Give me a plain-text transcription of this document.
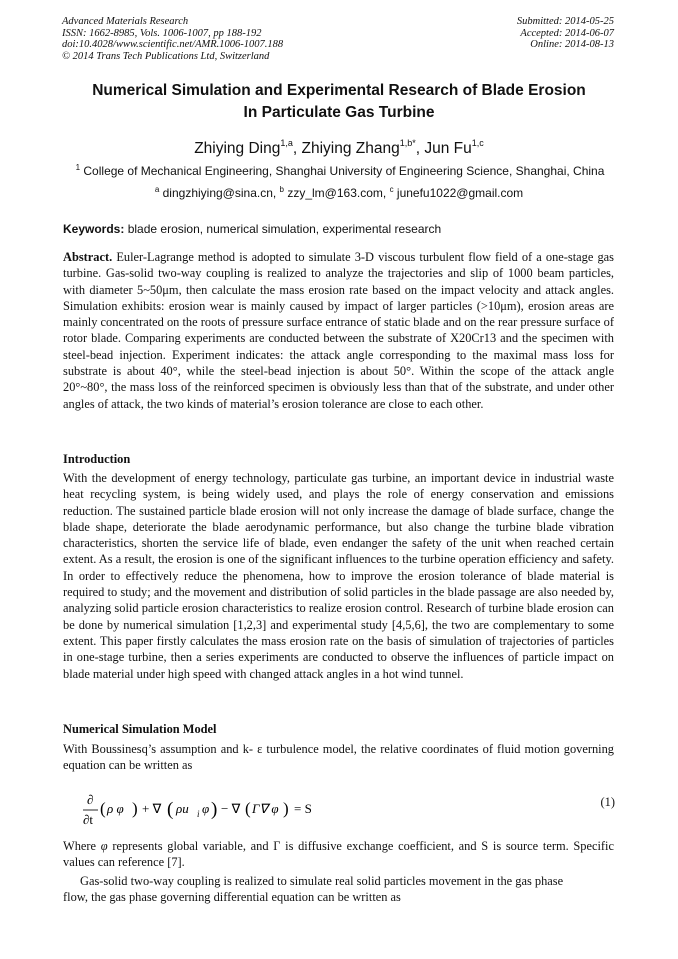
Advanced Materials Research
ISSN: 1662-8985, Vols. 1006-1007, pp 188-192
doi:10.4028/www.scientific.net/AMR.1006-1007.188
© 2014 Trans Tech Publications Ltd, Switzerland
Submitted: 2014-05-25
Accepted: 2014-06-07
Online: 2014-08-13
Numerical Simulation and Experimental Research of Blade Erosion
In Particulate Gas Turbine
Zhiying Ding$^{1,a}$, Zhiying Zhang$^{1,b*}$, Jun Fu$^{1,c}$
$^1$ College of Mechanical Engineering, Shanghai University of Engineering Science, Shanghai, China
$^a$ dingzhiying@sina.cn, $^b$ zzy_lm@163.com, $^c$ junefu1022@gmail.com
Keywords: blade erosion, numerical simulation, experimental research
Abstract. Euler-Lagrange method is adopted to simulate 3-D viscous turbulent flow field of a one-stage gas turbine. Gas-solid two-way coupling is realized to analyze the trajectories and slip of 1000 beam particles, with diameter 5~50μm, then calculate the mass erosion rate based on the impact velocity and attack angles. Simulation exhibits: erosion wear is mainly caused by impact of larger particles (>10μm), erosion areas are mainly concentrated on the roots of pressure surface entrance of static blade and on the rear pressure surface of rotor blade. Comparing experiments are conducted between the substrate of X20Cr13 and the specimen with steel-bead injection. Experiment indicates: the attack angle corresponding to the maximal mass loss for substrate is about 40°, while the steel-bead injection is about 50°. Within the scope of the attack angle 20°~80°, the mass loss of the reinforced specimen is obviously less than that of the substrate, and under other angles of attack, the two kinds of material’s erosion tolerance are close to each other.
Introduction
With the development of energy technology, particulate gas turbine, an important device in industrial waste heat recycling system, is being widely used, and plays the role of energy conservation and emissions reduction. The sustained particle blade erosion will not only increase the damage of blade surface, change the blade shape, deteriorate the blade aerodynamic performance, but also change the turbine blade vibration characteristics, shorten the service life of blade, even endanger the safety of the unit when reached certain extent. As a result, the erosion is one of the significant influences to the turbine operation efficiency and safety. In order to effectively reduce the phenomena, how to improve the erosion tolerance of blade material is required to study; and the movement and distribution of solid particles in the blade passage are also needed by, analyzing solid particle erosion characteristics to realize erosion control. Research of turbine blade erosion can be done by numerical simulation [1,2,3] and experimental study [4,5,6], the two are complementary to some extent. This paper firstly calculates the mass erosion rate on the basis of simulation of trajectories of particles in one-stage turbine, then a series experiments are conducted to observe the influences of particle impact on blade material under high speed with changed attack angles in a hot wind tunnel.
Numerical Simulation Model
With Boussinesq’s assumption and k- ε turbulence model, the relative coordinates of fluid motion governing equation can be written as
∂
∂t
( ρ φ ) + ∇ ( ρu i φ ) − ∇ ( Γ∇ φ ) = S	(1)
Where φ represents global variable, and Γ is diffusive exchange coefficient, and S is source term. Specific values can reference [7].
Gas-solid two-way coupling is realized to simulate real solid particles movement in the gas phase
flow, the gas phase governing differential equation can be written as
